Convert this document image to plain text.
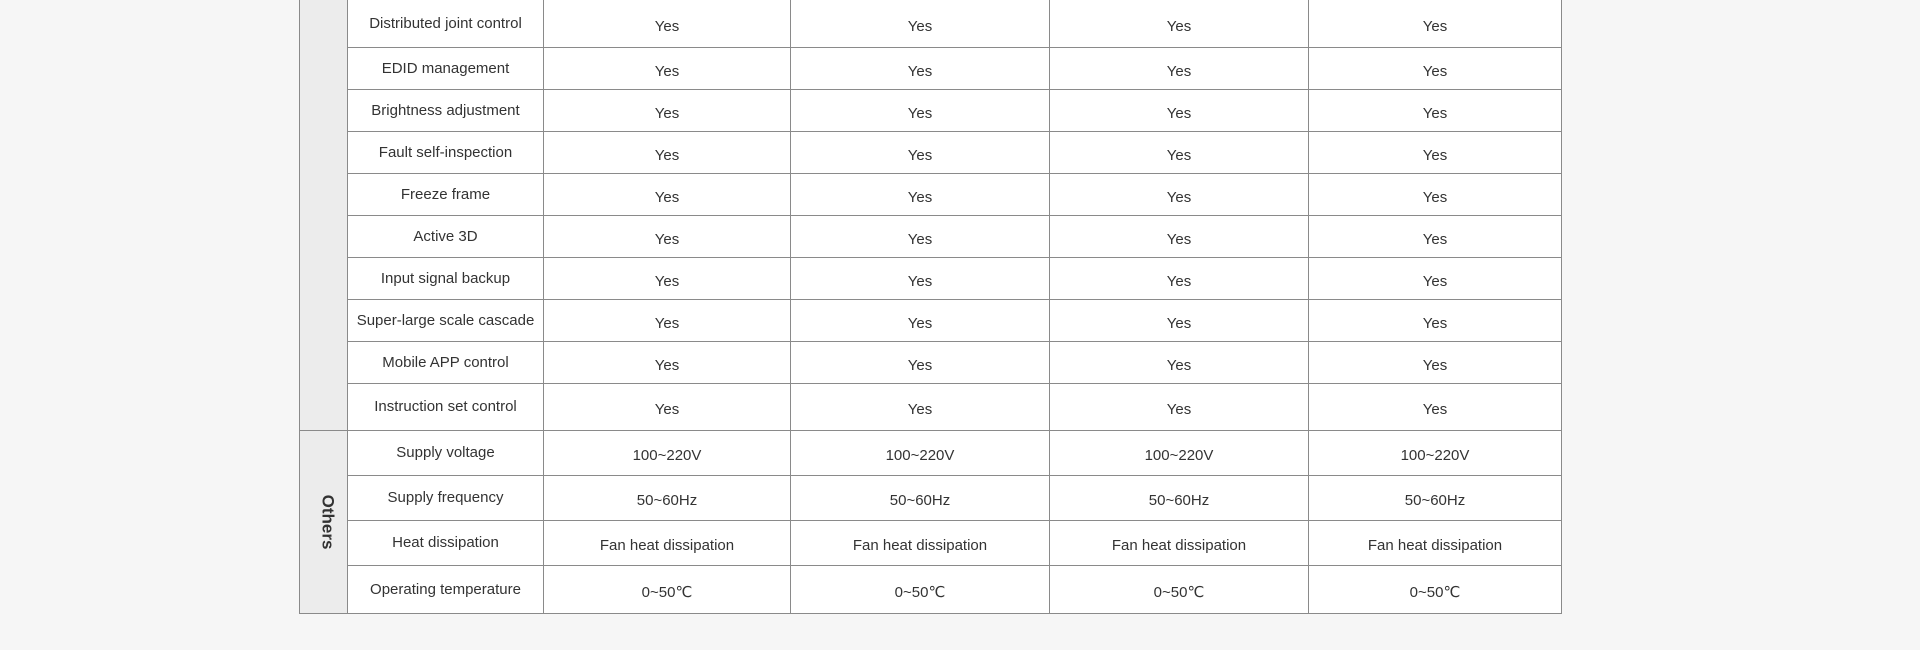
	Distributed joint control	Yes	Yes	Yes	Yes
	EDID management	Yes	Yes	Yes	Yes
	Brightness adjustment	Yes	Yes	Yes	Yes
	Fault self-inspection	Yes	Yes	Yes	Yes
	Freeze frame	Yes	Yes	Yes	Yes
	Active 3D	Yes	Yes	Yes	Yes
	Input signal backup	Yes	Yes	Yes	Yes
	Super-large scale cascade	Yes	Yes	Yes	Yes
	Mobile APP control	Yes	Yes	Yes	Yes
	Instruction set control	Yes	Yes	Yes	Yes
Others	Supply voltage	100~220V	100~220V	100~220V	100~220V
	Supply frequency	50~60Hz	50~60Hz	50~60Hz	50~60Hz
	Heat dissipation	Fan heat dissipation	Fan heat dissipation	Fan heat dissipation	Fan heat dissipation
	Operating temperature	0~50℃	0~50℃	0~50℃	0~50℃
